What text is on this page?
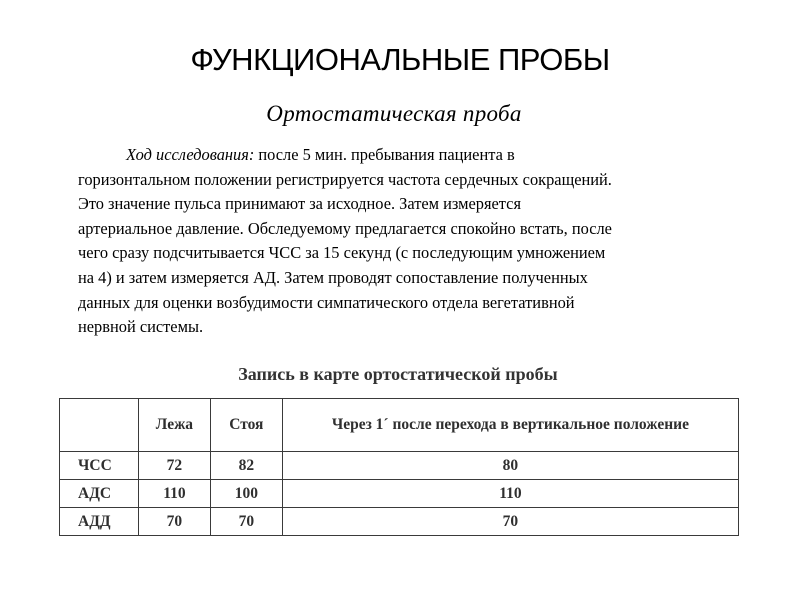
ФУНКЦИОНАЛЬНЫЕ ПРОБЫ
Ортостатическая проба
Ход исследования: после 5 мин. пребывания пациента в
горизонтальном положении регистрируется частота сердечных сокращений.
Это значение пульса принимают за исходное. Затем измеряется
артериальное давление. Обследуемому предлагается спокойно встать, после
чего сразу подсчитывается ЧСС за 15 секунд (с последующим умножением
на 4) и затем измеряется АД. Затем проводят сопоставление полученных
данных для оценки возбудимости симпатического отдела вегетативной
нервной системы.
Запись в карте ортостатической пробы
	Лежа	Стоя	Через 1´ после перехода в вертикальное положение
ЧСС	72	82	80
АДС	110	100	110
АДД	70	70	70
